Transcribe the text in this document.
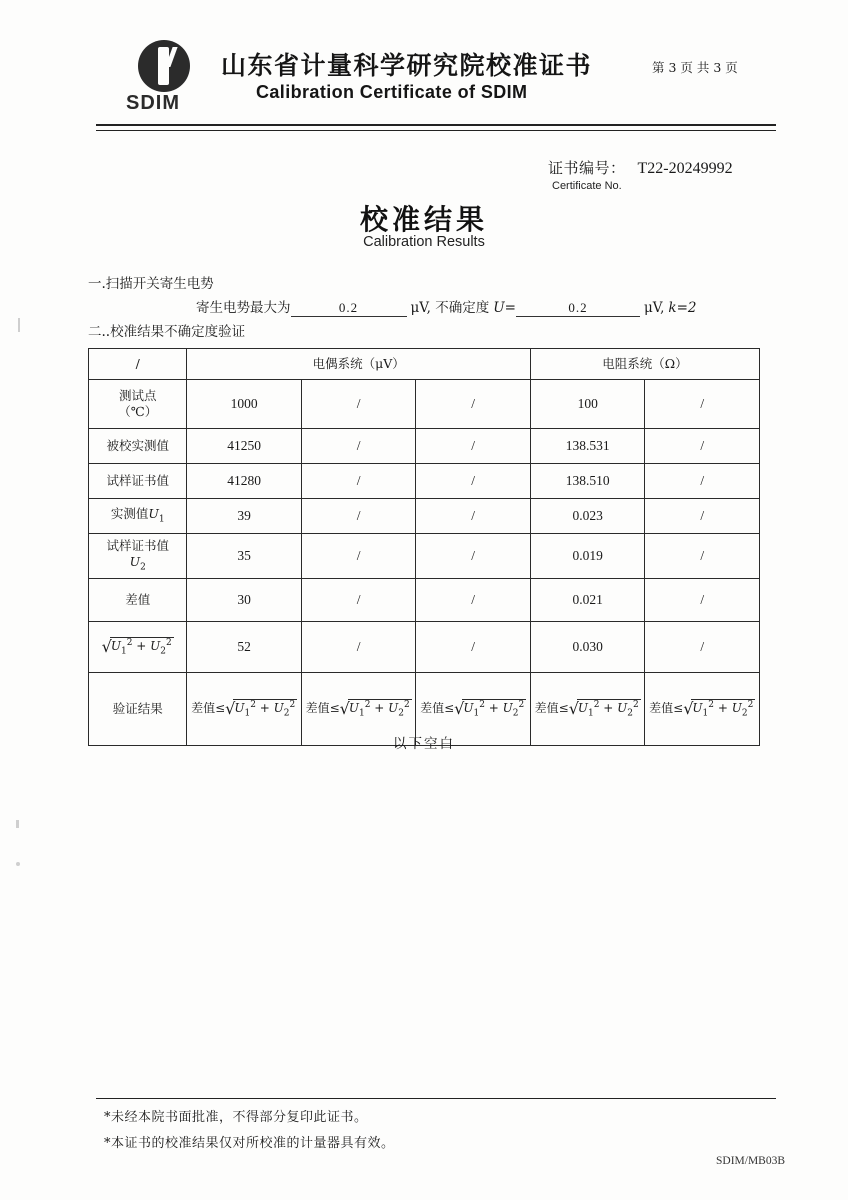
SDIM
山东省计量科学研究院校准证书
Calibration Certificate of SDIM
第 3 页 共 3 页
证书编号： T22-20249992
Certificate No.
校准结果
Calibration Results
一.扫描开关寄生电势
寄生电势最大为	0.2	μV, 不确定度 U=	0.2	μV, k=2
二..校准结果不确定度验证
/	电偶系统（μV）			电阻系统（Ω）	
测试点
（℃）	1000	/	/	100	/
被校实测值	41250	/	/	138.531	/
试样证书值	41280	/	/	138.510	/
实测值$U_1$	39	/	/	0.023	/
试样证书值
$U_2$	35	/	/	0.019	/
差值	30	/	/	0.021	/
$√U_1^2 + U_2^2$	52	/	/	0.030	/
验证结果	差值≤ $√U_1^2 + U_2^2$	差值≤ $√U_1^2 + U_2^2$	差值≤ $√U_1^2 + U_2^2$	差值≤ $√U_1^2 + U_2^2$	差值≤ $√U_1^2 + U_2^2$
以下空白
*未经本院书面批准，不得部分复印此证书。
*本证书的校准结果仅对所校准的计量器具有效。
SDIM/MB03B
